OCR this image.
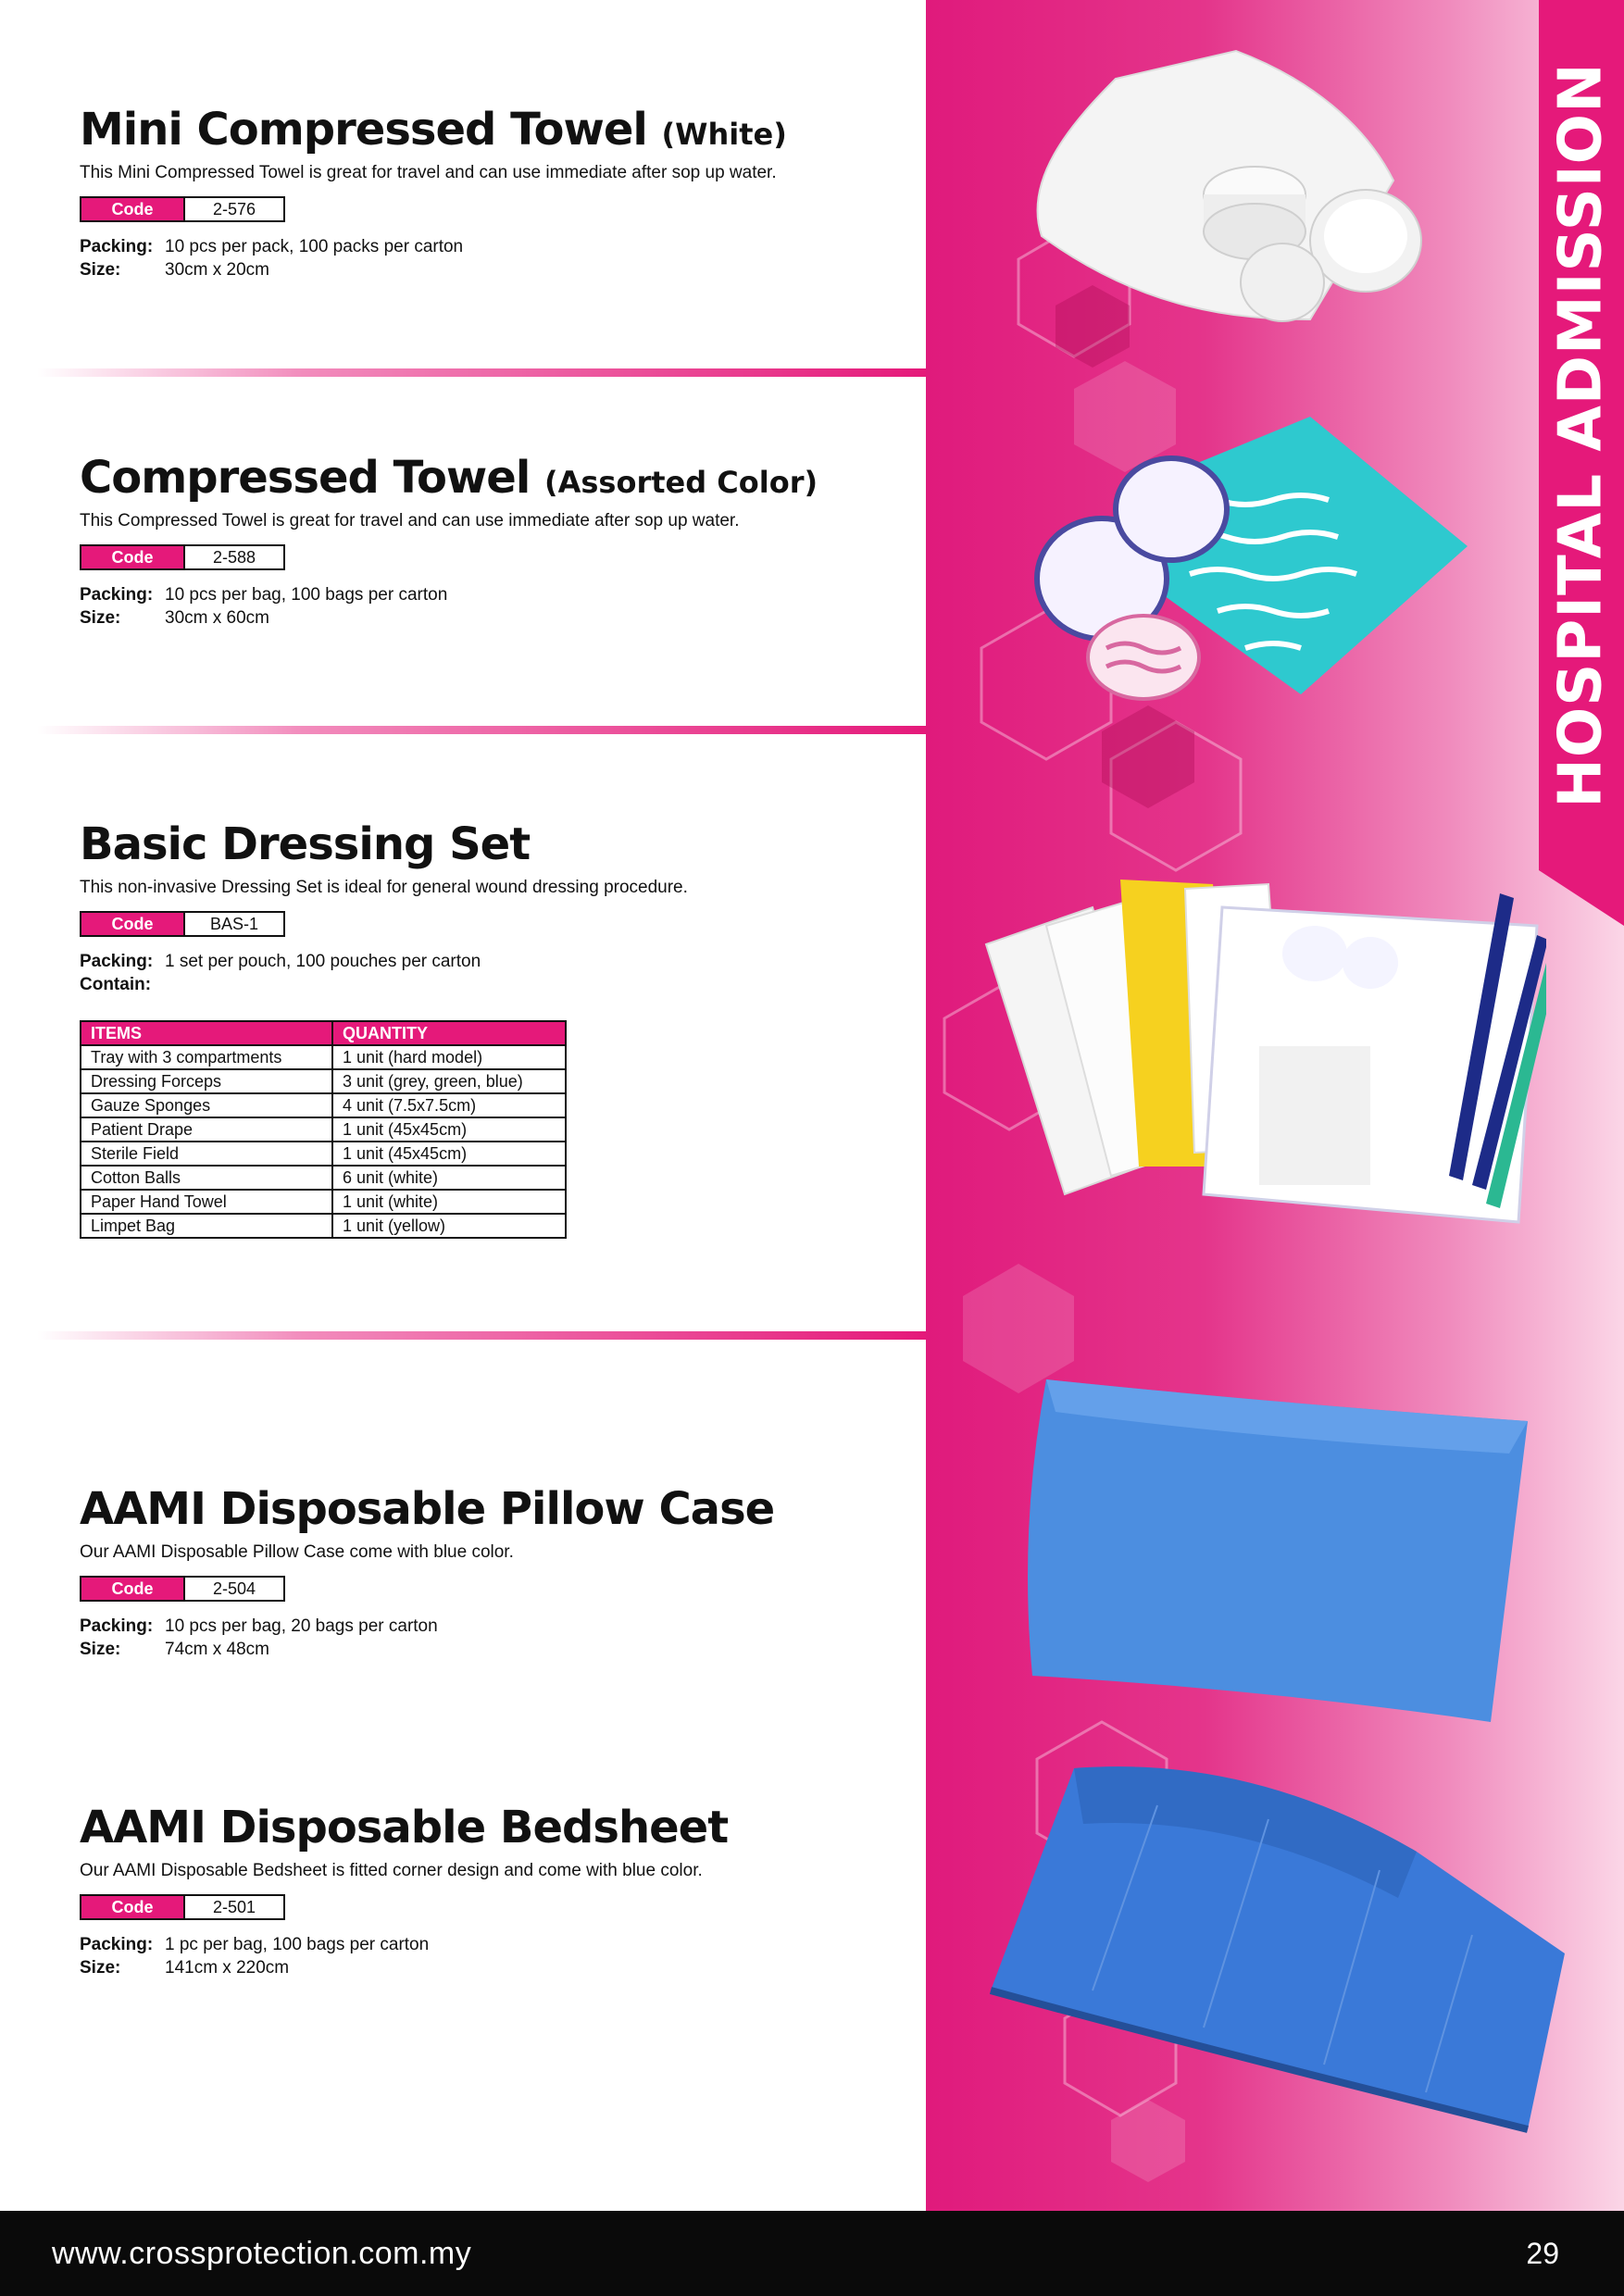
HOSPITAL ADMISSION
Mini Compressed Towel (White)
This Mini Compressed Towel is great for travel and can use immediate after sop up water.
Code	2-576
Packing: 10 pcs per pack, 100 packs per carton
Size:	30cm x 20cm
Compressed Towel (Assorted Color)
This Compressed Towel is great for travel and can use immediate after sop up water.
Code	2-588
Packing: 10 pcs per bag, 100 bags per carton
Size:	30cm x 60cm
Basic Dressing Set
This non-invasive Dressing Set is ideal for general wound dressing procedure.
Code	BAS-1
Packing: 1 set per pouch, 100 pouches per carton
Contain:
ITEMS	QUANTITY
Tray with 3 compartments	1 unit (hard model)
Dressing Forceps	3 unit (grey, green, blue)
Gauze Sponges	4 unit (7.5x7.5cm)
Patient Drape	1 unit (45x45cm)
Sterile Field	1 unit (45x45cm)
Cotton Balls	6 unit (white)
Paper Hand Towel	1 unit (white)
Limpet Bag	1 unit (yellow)
AAMI Disposable Pillow Case
Our AAMI Disposable Pillow Case come with blue color.
Code	2-504
Packing: 10 pcs per bag, 20 bags per carton
Size:	74cm x 48cm
AAMI Disposable Bedsheet
Our AAMI Disposable Bedsheet is fitted corner design and come with blue color.
Code	2-501
Packing: 1 pc per bag, 100 bags per carton
Size:	141cm x 220cm
www.crossprotection.com.my	29
